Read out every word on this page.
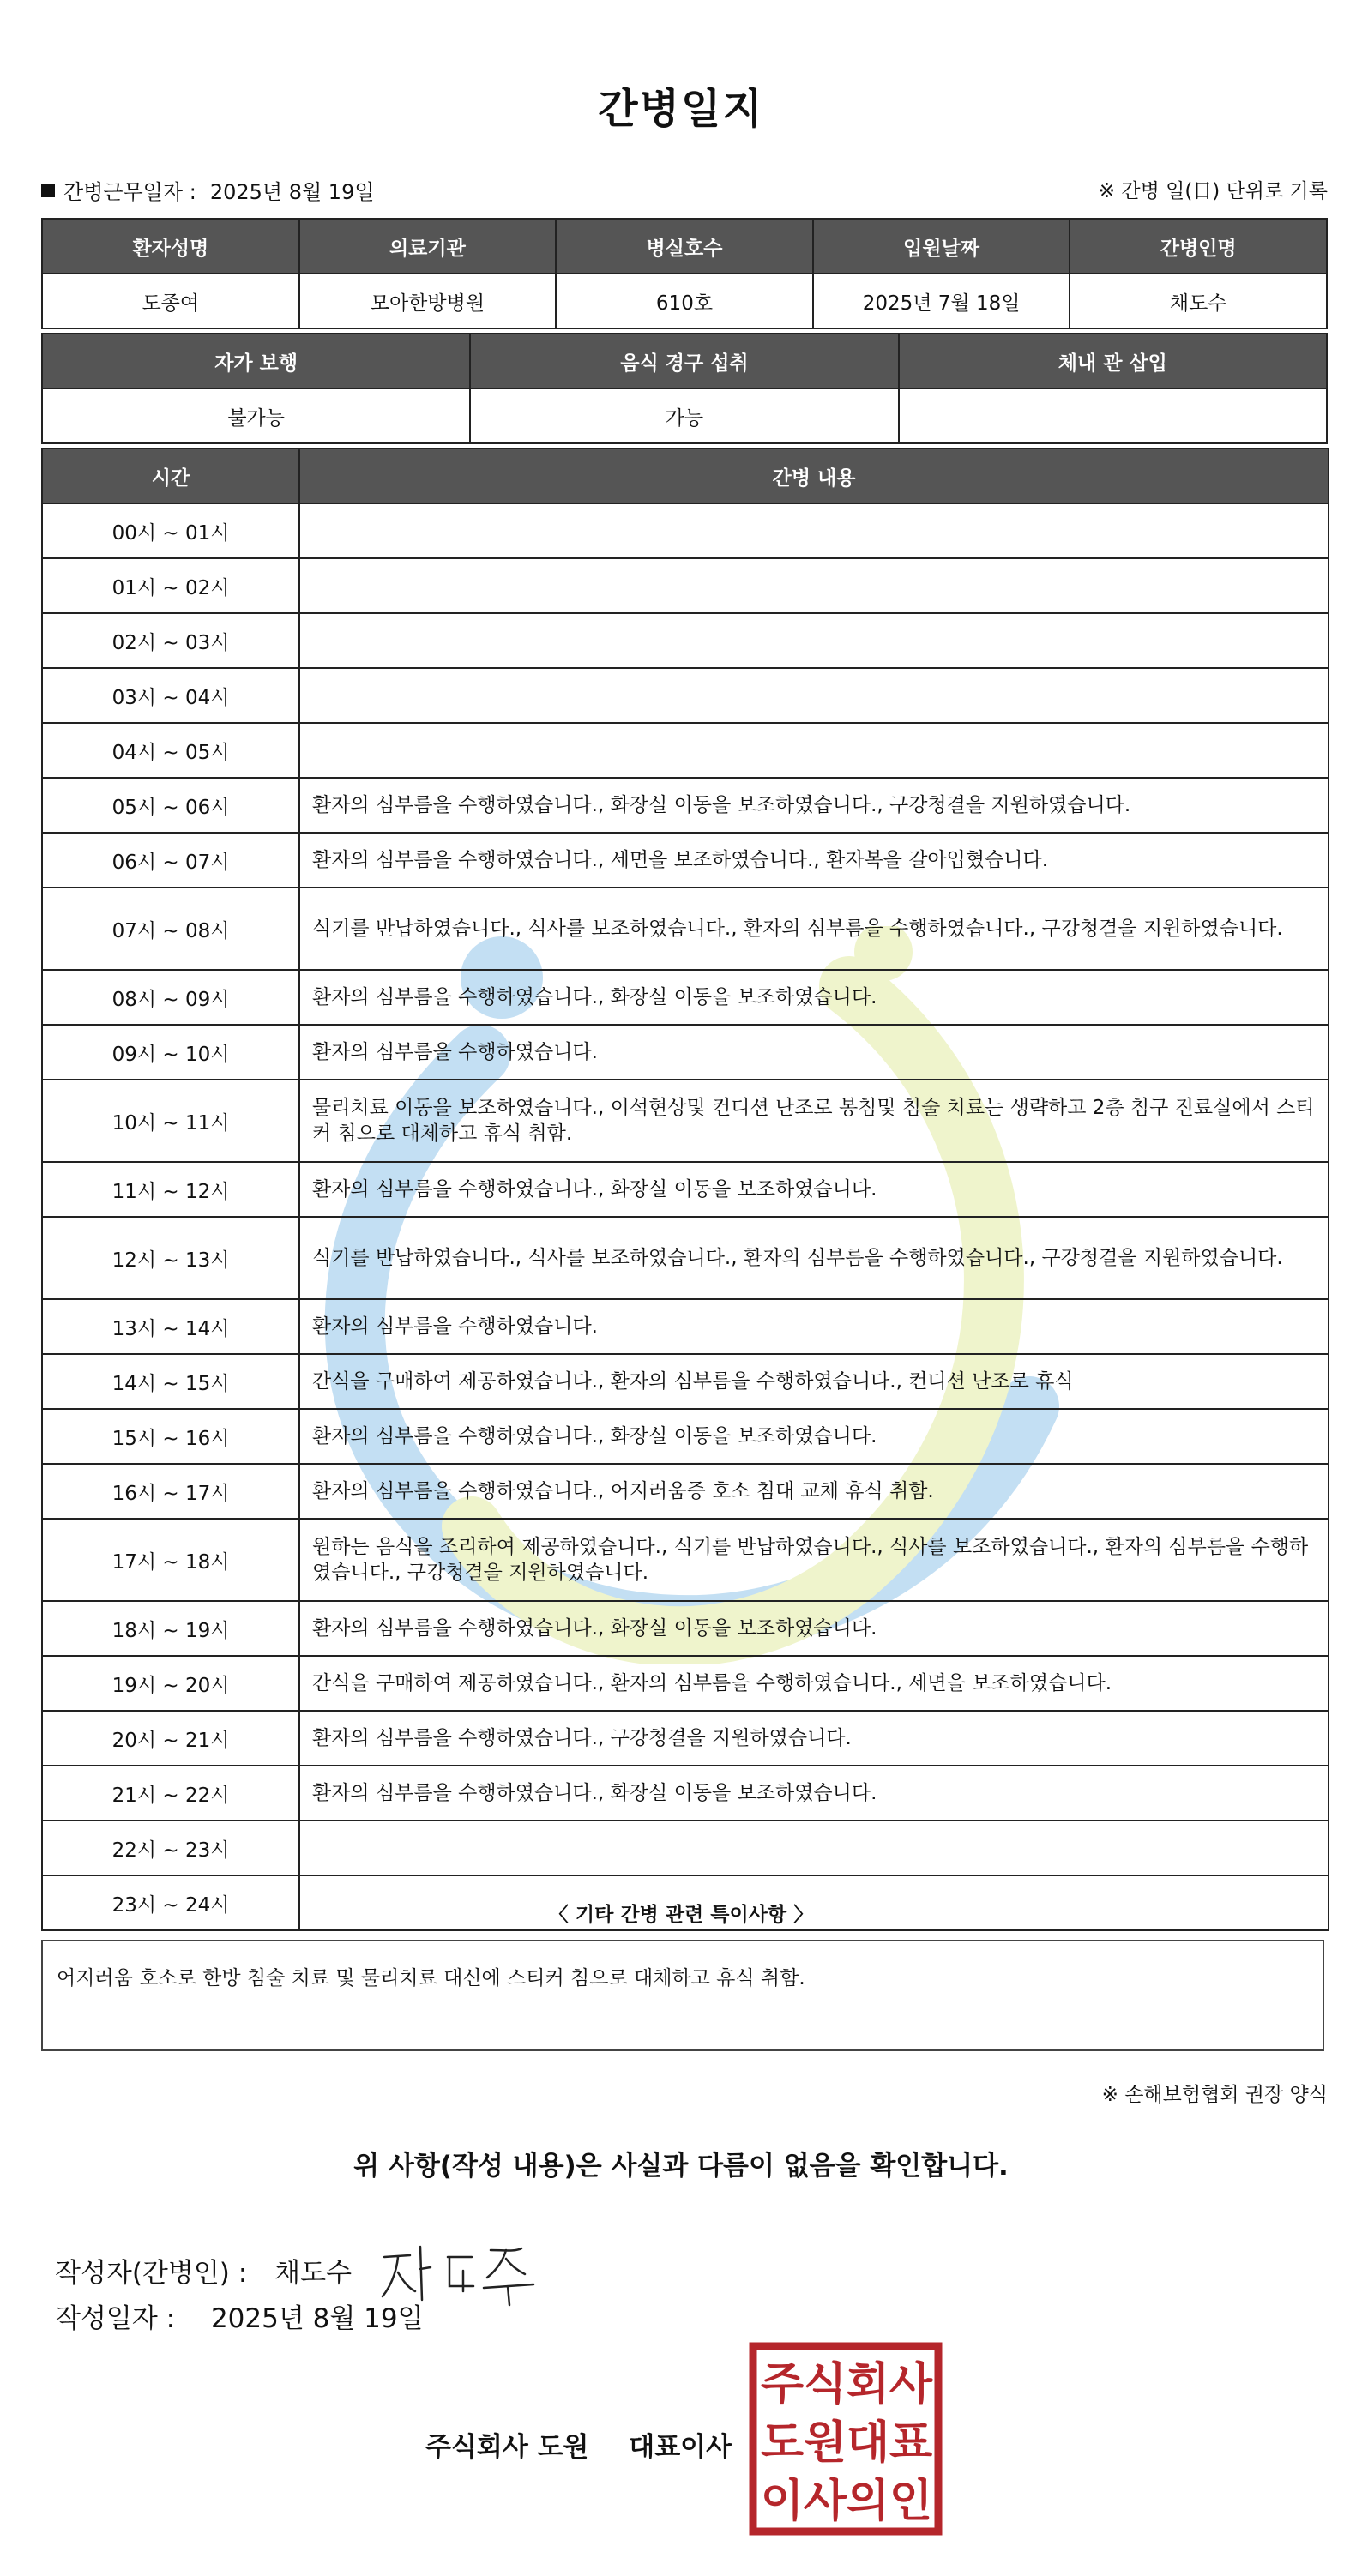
간병일지
간병근무일자 : 2025년 8월 19일	※ 간병 일(日) 단위로 기록
환자성명	의료기관	병실호수	입원날짜	간병인명
도종여	모아한방병원	610호	2025년 7월 18일	채도수
자가 보행	음식 경구 섭취	체내 관 삽입
불가능	가능	
시간	간병 내용
00시 ~ 01시	
01시 ~ 02시	
02시 ~ 03시	
03시 ~ 04시	
04시 ~ 05시	
05시 ~ 06시	환자의 심부름을 수행하였습니다., 화장실 이동을 보조하였습니다., 구강청결을 지원하였습니다.
06시 ~ 07시	환자의 심부름을 수행하였습니다., 세면을 보조하였습니다., 환자복을 갈아입혔습니다.
07시 ~ 08시	식기를 반납하였습니다., 식사를 보조하였습니다., 환자의 심부름을 수행하였습니다., 구강청결을 지원하였습니다.
08시 ~ 09시	환자의 심부름을 수행하였습니다., 화장실 이동을 보조하였습니다.
09시 ~ 10시	환자의 심부름을 수행하였습니다.
10시 ~ 11시	물리치료 이동을 보조하였습니다., 이석현상및 컨디션 난조로 봉침및 침술 치료는 생략하고 2층 침구 진료실에서 스티커 침으로 대체하고 휴식 취함.
11시 ~ 12시	환자의 심부름을 수행하였습니다., 화장실 이동을 보조하였습니다.
12시 ~ 13시	식기를 반납하였습니다., 식사를 보조하였습니다., 환자의 심부름을 수행하였습니다., 구강청결을 지원하였습니다.
13시 ~ 14시	환자의 심부름을 수행하였습니다.
14시 ~ 15시	간식을 구매하여 제공하였습니다., 환자의 심부름을 수행하였습니다., 컨디션 난조로 휴식
15시 ~ 16시	환자의 심부름을 수행하였습니다., 화장실 이동을 보조하였습니다.
16시 ~ 17시	환자의 심부름을 수행하였습니다., 어지러움증 호소 침대 교체 휴식 취함.
17시 ~ 18시	원하는 음식을 조리하여 제공하였습니다., 식기를 반납하였습니다., 식사를 보조하였습니다., 환자의 심부름을 수행하였습니다., 구강청결을 지원하였습니다.
18시 ~ 19시	환자의 심부름을 수행하였습니다., 화장실 이동을 보조하였습니다.
19시 ~ 20시	간식을 구매하여 제공하였습니다., 환자의 심부름을 수행하였습니다., 세면을 보조하였습니다.
20시 ~ 21시	환자의 심부름을 수행하였습니다., 구강청결을 지원하였습니다.
21시 ~ 22시	환자의 심부름을 수행하였습니다., 화장실 이동을 보조하였습니다.
22시 ~ 23시	
23시 ~ 24시		〈 기타 간병 관련 특이사항 〉
어지러움 호소로 한방 침술 치료 및 물리치료 대신에 스티커 침으로 대체하고 휴식 취함.
※ 손해보험협회 권장 양식
위 사항(작성 내용)은 사실과 다름이 없음을 확인합니다.
작성자(간병인) : 채도수
작성일자 : 2025년 8월 19일
주식회사 도원 대표이사
주 식 회 사
도 원 대 표
이 사 의 인
